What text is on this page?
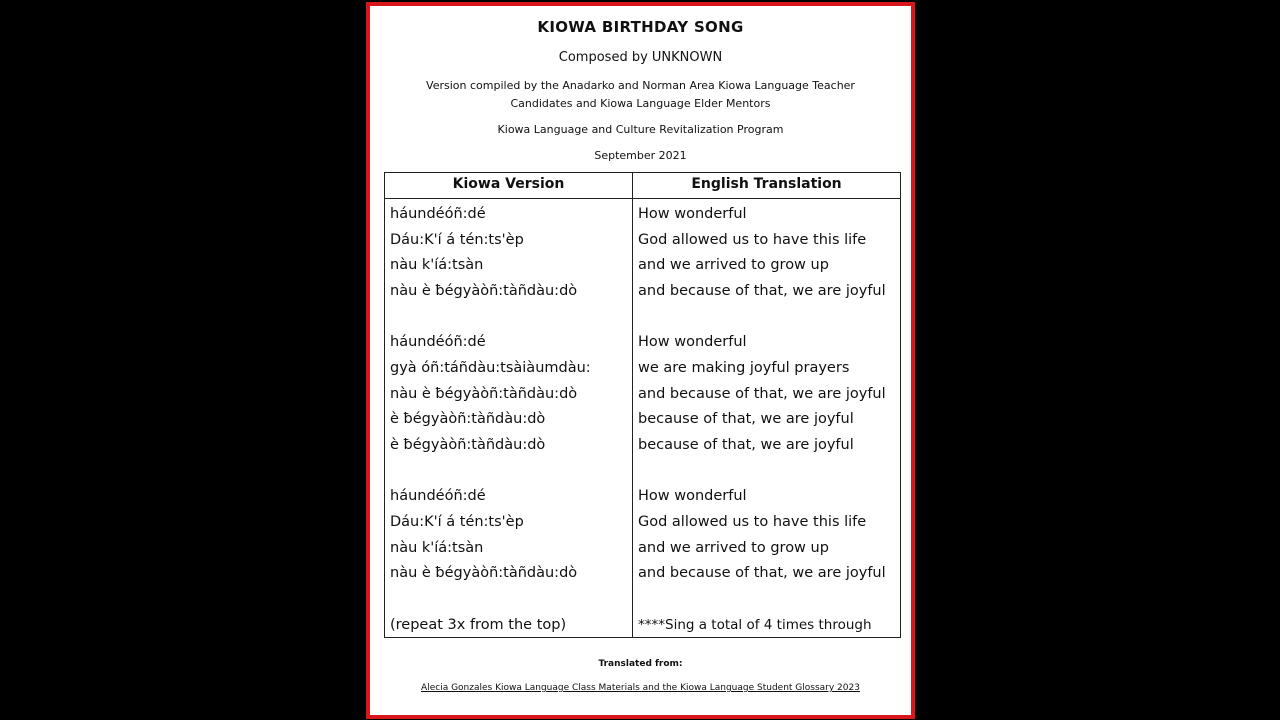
KIOWA BIRTHDAY SONG
Composed by UNKNOWN
Version compiled by the Anadarko and Norman Area Kiowa Language Teacher
Candidates and Kiowa Language Elder Mentors
Kiowa Language and Culture Revitalization Program
September 2021
Kiowa Version	English Translation
háundéóñ:dé	How wonderful
Dáu:K'í á tén:ts'èp	God allowed us to have this life
nàu k'íá:tsàn	and we arrived to grow up
nàu è ƀégyàòñ:tàñdàu:dò	and because of that, we are joyful
háundéóñ:dé	How wonderful
gyà óñ:táñdàu:tsàiàumdàu:	we are making joyful prayers
nàu è ƀégyàòñ:tàñdàu:dò	and because of that, we are joyful
è ƀégyàòñ:tàñdàu:dò	because of that, we are joyful
è ƀégyàòñ:tàñdàu:dò	because of that, we are joyful
háundéóñ:dé	How wonderful
Dáu:K'í á tén:ts'èp	God allowed us to have this life
nàu k'íá:tsàn	and we arrived to grow up
nàu è ƀégyàòñ:tàñdàu:dò	and because of that, we are joyful
(repeat 3x from the top)	****Sing a total of 4 times through
Translated from:
Alecia Gonzales Kiowa Language Class Materials and the Kiowa Language Student Glossary 2023
